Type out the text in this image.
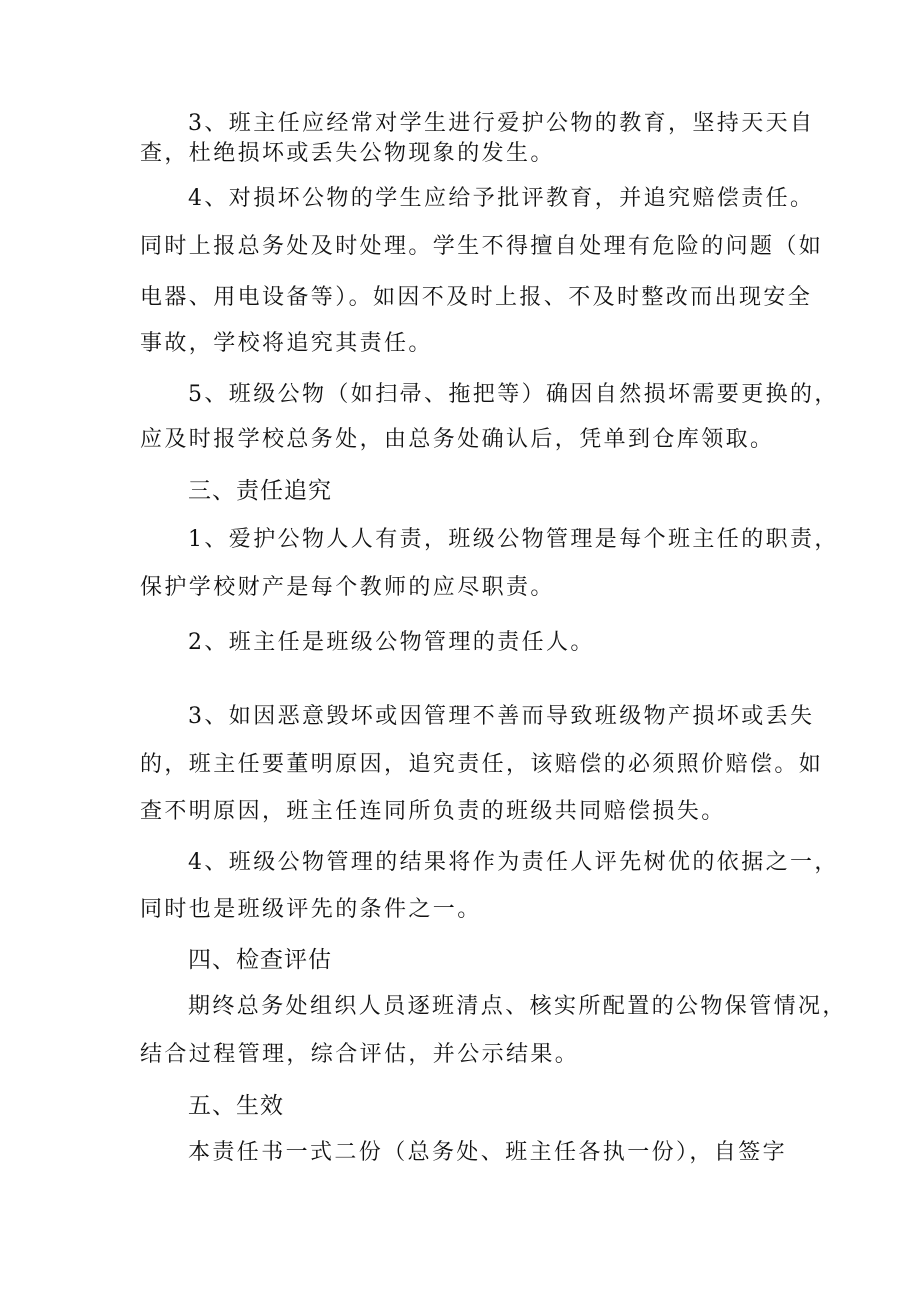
3、班主任应经常对学生进行爱护公物的教育，坚持天天自
查，杜绝损坏或丢失公物现象的发生。
4、对损坏公物的学生应给予批评教育，并追究赔偿责任。
同时上报总务处及时处理。学生不得擅自处理有危险的问题（如
电器、用电设备等）。如因不及时上报、不及时整改而出现安全
事故，学校将追究其责任。
5、班级公物（如扫帚、拖把等）确因自然损坏需要更换的，
应及时报学校总务处，由总务处确认后，凭单到仓库领取。
三、责任追究
1、爱护公物人人有责，班级公物管理是每个班主任的职责，
保护学校财产是每个教师的应尽职责。
2、班主任是班级公物管理的责任人。
3、如因恶意毁坏或因管理不善而导致班级物产损坏或丢失
的，班主任要董明原因，追究责任，该赔偿的必须照价赔偿。如
查不明原因，班主任连同所负责的班级共同赔偿损失。
4、班级公物管理的结果将作为责任人评先树优的依据之一，
同时也是班级评先的条件之一。
四、检查评估
期终总务处组织人员逐班清点、核实所配置的公物保管情况，
结合过程管理，综合评估，并公示结果。
五、生效
本责任书一式二份（总务处、班主任各执一份），自签字
